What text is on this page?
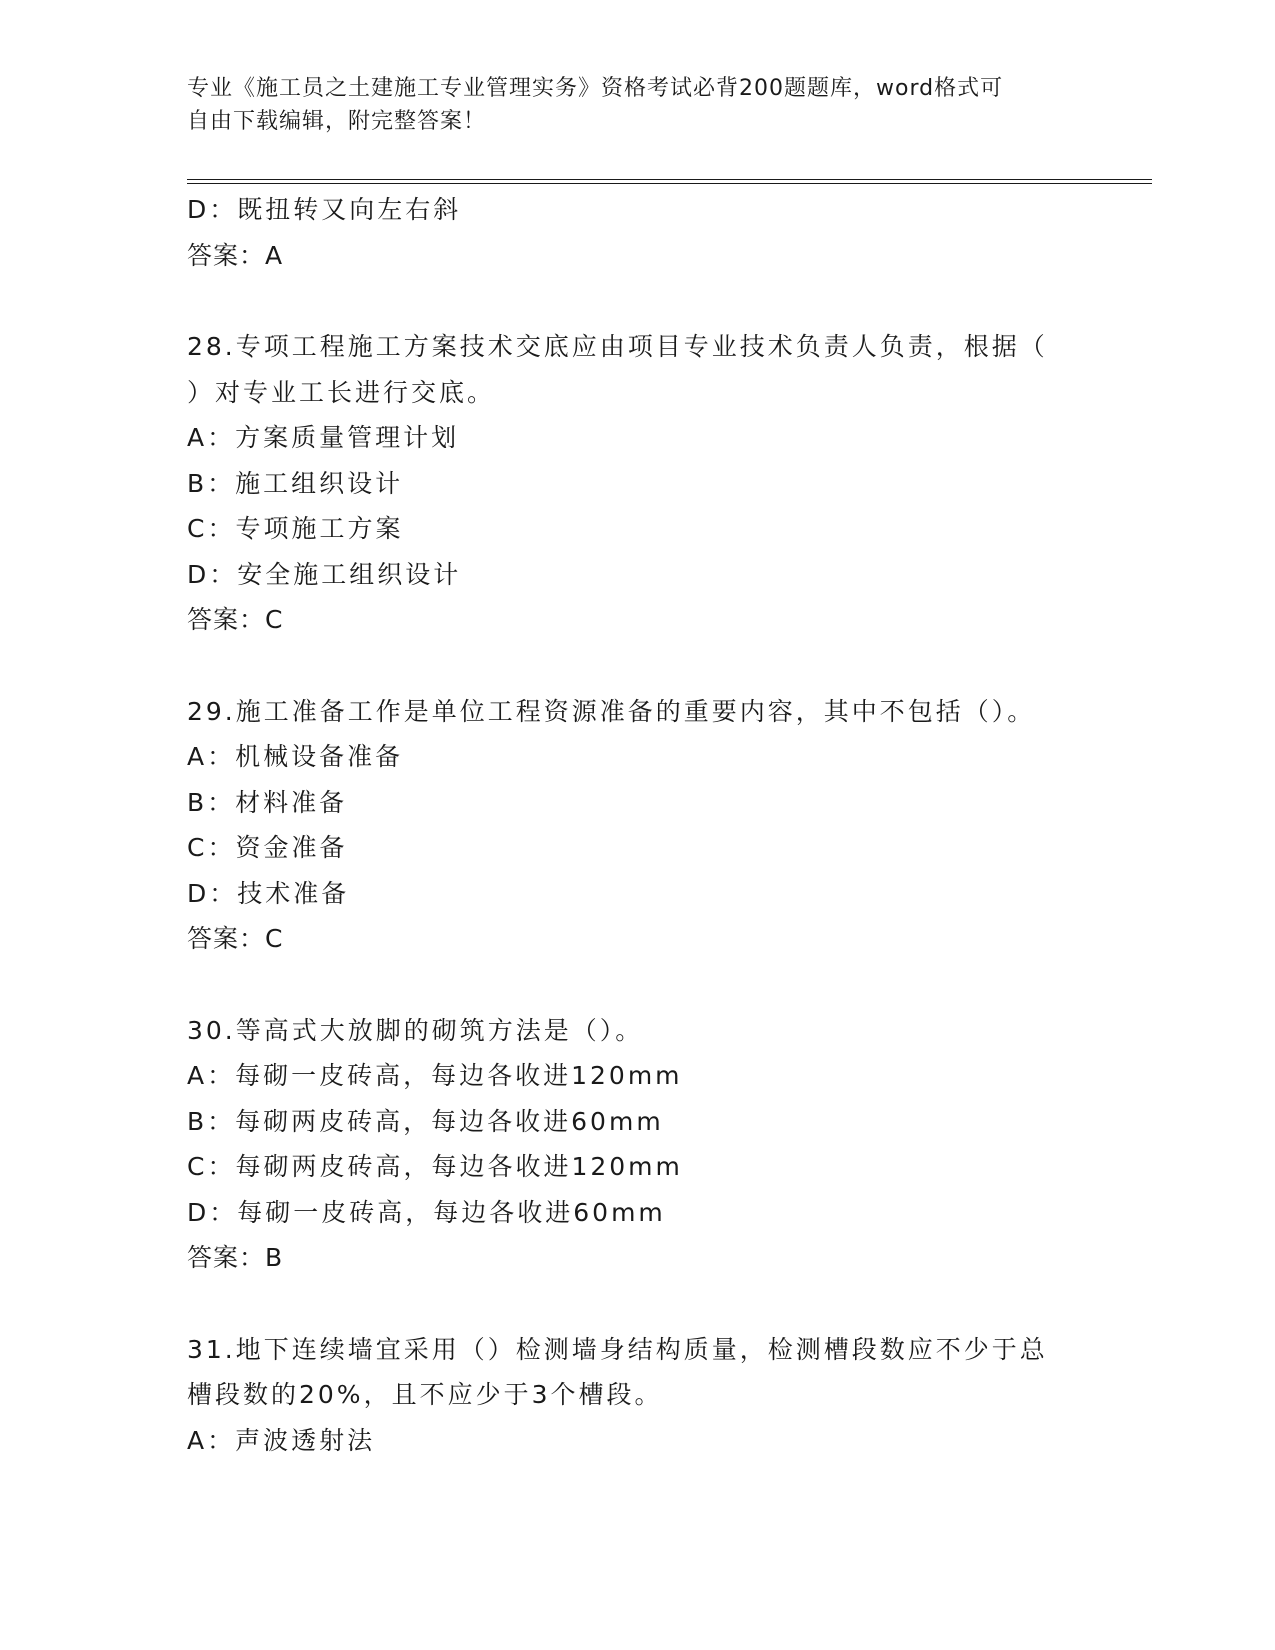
专业《施工员之土建施工专业管理实务》资格考试必背200题题库，word格式可
自由下载编辑，附完整答案！
D：既扭转又向左右斜
答案：A
28.专项工程施工方案技术交底应由项目专业技术负责人负责，根据（
）对专业工长进行交底。
A：方案质量管理计划
B：施工组织设计
C：专项施工方案
D：安全施工组织设计
答案：C
29.施工准备工作是单位工程资源准备的重要内容，其中不包括（）。
A：机械设备准备
B：材料准备
C：资金准备
D：技术准备
答案：C
30.等高式大放脚的砌筑方法是（）。
A：每砌一皮砖高，每边各收进120mm
B：每砌两皮砖高，每边各收进60mm
C：每砌两皮砖高，每边各收进120mm
D：每砌一皮砖高，每边各收进60mm
答案：B
31.地下连续墙宜采用（）检测墙身结构质量，检测槽段数应不少于总
槽段数的20%，且不应少于3个槽段。
A：声波透射法
